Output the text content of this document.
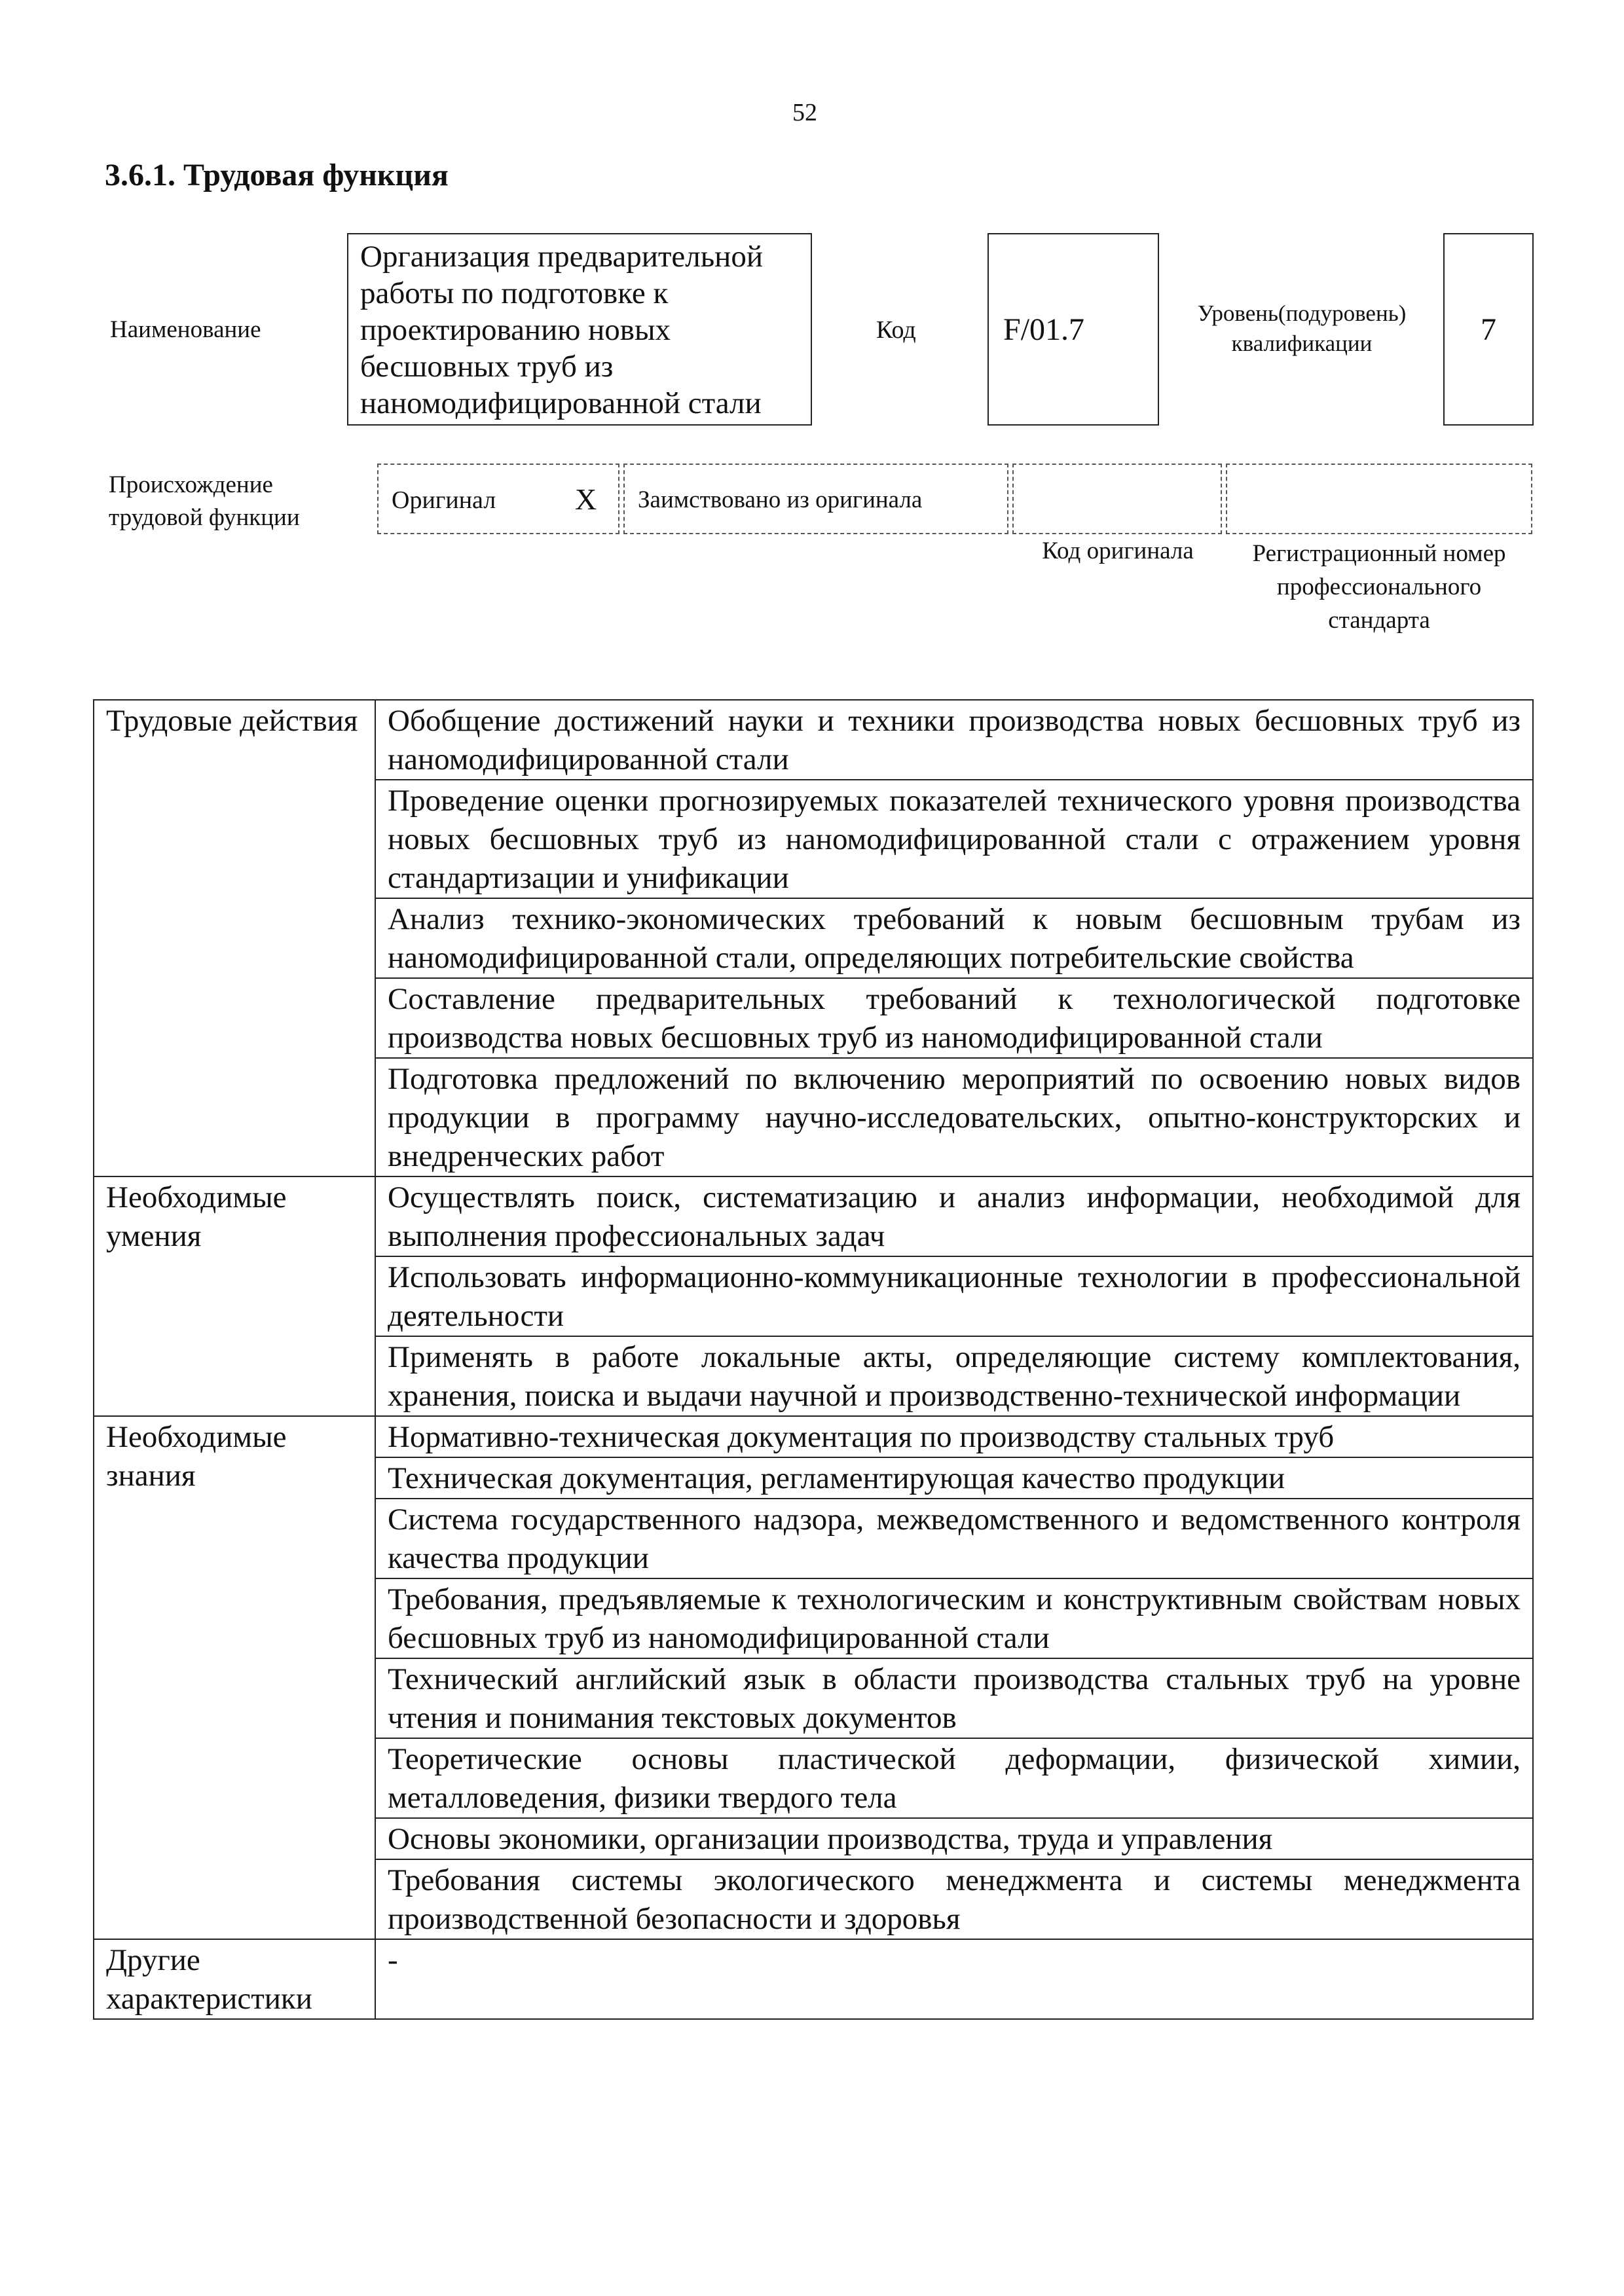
52
3.6.1. Трудовая функция
Наименование
Организация предварительной работы по подготовке к проектированию новых бесшовных труб из наномодифицированной стали
Код	F/01.7	Уровень(подуровень) квалификации	7
Происхождение трудовой функции
Оригинал	X Заимствовано из оригинала
Код оригинала	Регистрационный номер профессионального стандарта
Трудовые действия	Обобщение достижений науки и техники производства новых бесшовных труб из наномодифицированной стали
	Проведение оценки прогнозируемых показателей технического уровня производства новых бесшовных труб из наномодифицированной стали с отражением уровня стандартизации и унификации
	Анализ технико-экономических требований к новым бесшовным трубам из наномодифицированной стали, определяющих потребительские свойства
	Составление предварительных требований к технологической подготовке производства новых бесшовных труб из наномодифицированной стали
	Подготовка предложений по включению мероприятий по освоению новых видов продукции в программу научно-исследовательских, опытно-конструкторских и внедренческих работ
Необходимые умения	Осуществлять поиск, систематизацию и анализ информации, необходимой для выполнения профессиональных задач
	Использовать информационно-коммуникационные технологии в профессиональной деятельности
	Применять в работе локальные акты, определяющие систему комплектования, хранения, поиска и выдачи научной и производственно-технической информации
Необходимые знания	Нормативно-техническая документация по производству стальных труб
	Техническая документация, регламентирующая качество продукции
	Система государственного надзора, межведомственного и ведомственного контроля качества продукции
	Требования, предъявляемые к технологическим и конструктивным свойствам новых бесшовных труб из наномодифицированной стали
	Технический английский язык в области производства стальных труб на уровне чтения и понимания текстовых документов
	Теоретические основы пластической деформации, физической химии, металловедения, физики твердого тела
	Основы экономики, организации производства, труда и управления
	Требования системы экологического менеджмента и системы менеджмента производственной безопасности и здоровья
Другие характеристики	-
